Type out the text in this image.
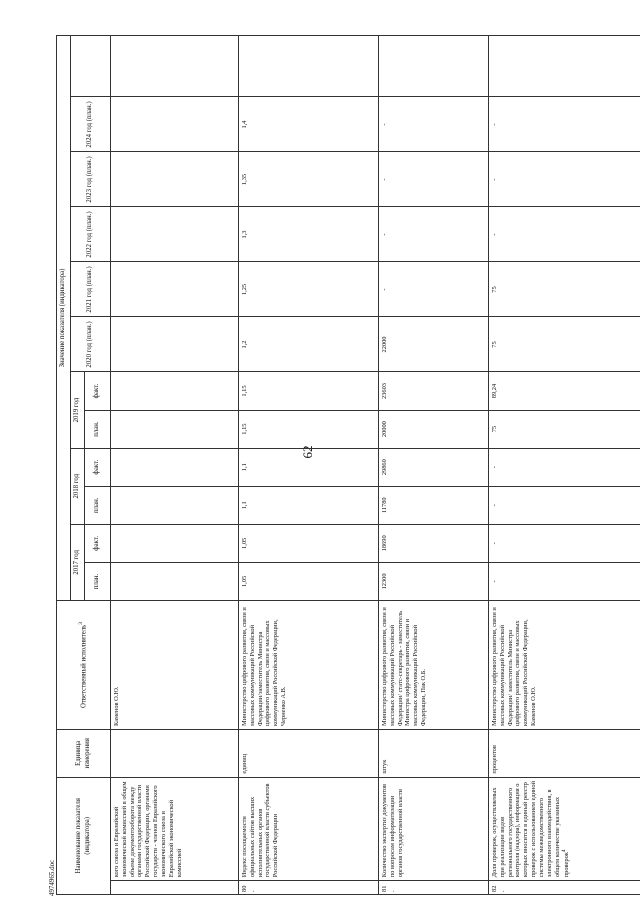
62
4974965.doc
Наименование показателя (индикатора)		Единица измерения	Ответственный исполнитель$^3$	Значение показателя (индикатора)											
				2017 год		2018 год		2019 год		2020 год (план.)	2021 год (план.)	2022 год (план.)	2023 год (план.)	2024 год (план.)	
				план.	факт.	план.	факт.	план.	факт.						

	кого союза и Евразийской экономической комиссией в общем объеме документооборота между органами государственной власти Российской Федерации, органами государств - членов Евразийского экономического союза и Евразийской экономической комиссией		Каменов О.Ю.												
80.	Индекс посещаемости официальных сайтов высших исполнительных органов государственной власти субъектов Российской Федерации	единиц	Министерство цифрового развития, связи и массовых коммуникаций Российской Федерации/заместитель Министра цифрового развития, связи и массовых коммуникаций Российской Федерации, Черненко А.В.	1,05	1,05	1,1	1,1	1,15	1,15	1,2	1,25	1,3	1,35	1,4	
81.	Количество экспертиз документов по вопросам информатизации органов государственной власти	штук	Министерство цифрового развития, связи и массовых коммуникаций Российской Федерации/ статс-секретарь - заместитель Министра цифрового развития, связи и массовых коммуникаций Российской Федерации, Пак О.Б.	12300	18690	11780	29860	20000	23603	22000	-	-	-	-	
82.	Доля проверок, осуществляемых при реализации видов регионального государственного контроля (надзора), информация о которых вносится в единый реестр проверок с использованием единой системы межведомственного электронного взаимодействия, в общем количестве указанных проверок$^4$	процентов	Министерство цифрового развития, связи и массовых коммуникаций Российской Федерации/ заместитель Министра цифрового развития, связи и массовых коммуникаций Российской Федерации, Каменов О.Ю.	-	-	-	-	75	89,24	75	75	-	-	-	
